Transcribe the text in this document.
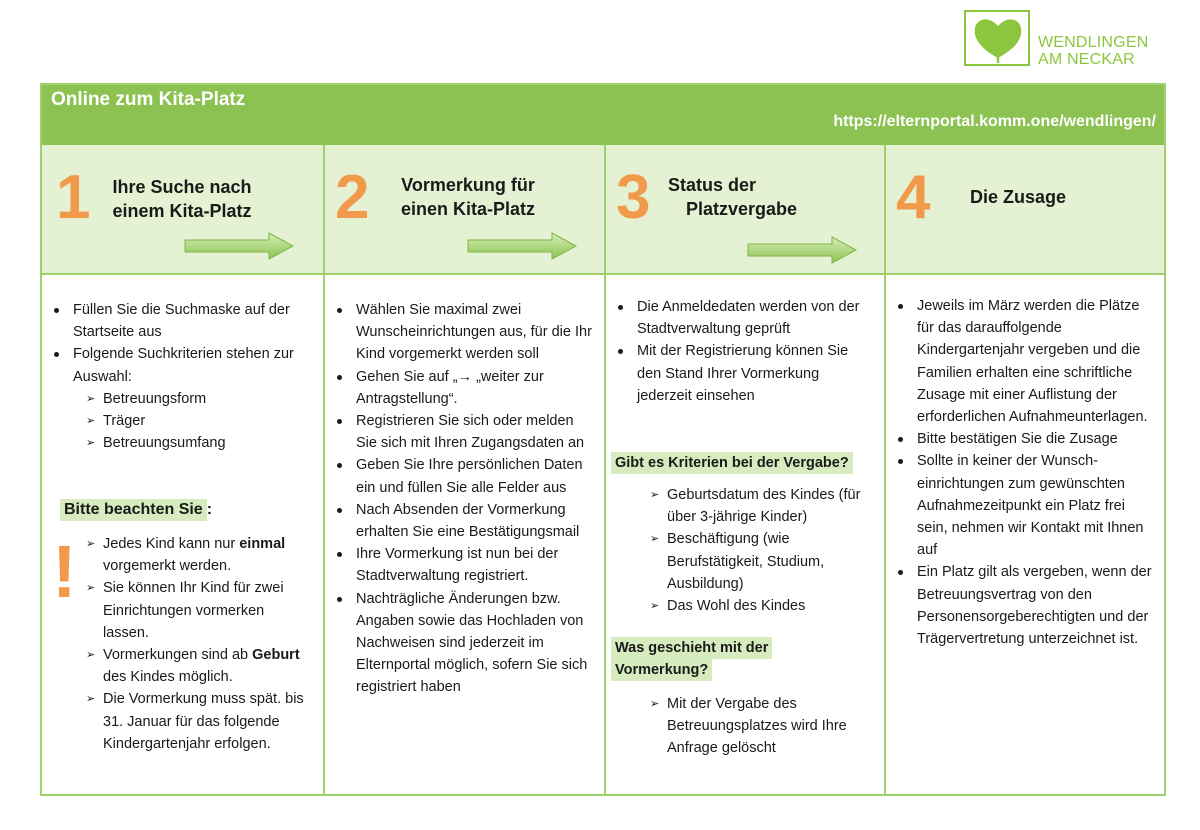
WENDLINGEN
AM NECKAR
Online zum Kita-Platz
https://elternportal.komm.one/wendlingen/
1	Ihre Suche nach
einem Kita-Platz
Füllen Sie die Suchmaske auf der Startseite aus
Folgende Suchkriterien stehen zur Auswahl:
➢ Betreuungsform
➢ Träger
➢ Betreuungsumfang
Bitte beachten Sie :
!
➢	Jedes Kind kann nur einmal vorgemerkt werden.
➢ Sie können Ihr Kind für zwei Einrichtungen vormerken lassen.
➢ Vormerkungen sind ab Geburt des Kindes möglich.
➢ Die Vormerkung muss spät. bis 31. Januar für das folgende Kindergartenjahr erfolgen.
2	Vormerkung für
einen Kita-Platz
Wählen Sie maximal zwei Wunscheinrichtungen aus, für die Ihr Kind vorgemerkt werden soll
Gehen Sie auf „→ „weiter zur Antragstellung“.
Registrieren Sie sich oder melden Sie sich mit Ihren Zugangsdaten an
Geben Sie Ihre persönlichen Daten ein und füllen Sie alle Felder aus
Nach Absenden der Vormerkung erhalten Sie eine Bestätigungsmail
Ihre Vormerkung ist nun bei der Stadtverwaltung registriert.
Nachträgliche Änderungen bzw. Angaben sowie das Hochladen von Nachweisen sind jederzeit im Elternportal möglich, sofern Sie sich registriert haben
3 Status der
Platzvergabe
Die Anmeldedaten werden von der Stadtverwaltung geprüft
Mit der Registrierung können Sie den Stand Ihrer Vormerkung jederzeit einsehen
Gibt es Kriterien bei der Vergabe?
➢ Geburtsdatum des Kindes (für über 3-jährige Kinder)
➢ Beschäftigung (wie Berufstätigkeit, Studium, Ausbildung)
➢ Das Wohl des Kindes
Was geschieht mit der
Vormerkung?
➢ Mit der Vergabe des Betreuungsplatzes wird Ihre Anfrage gelöscht
4 Die Zusage
Jeweils im März werden die Plätze für das darauffolgende Kindergartenjahr vergeben und die Familien erhalten eine schriftliche Zusage mit einer Auflistung der erforderlichen Aufnahmeunterlagen.
Bitte bestätigen Sie die Zusage
Sollte in keiner der Wunsch-einrichtungen zum gewünschten Aufnahmezeitpunkt ein Platz frei sein, nehmen wir Kontakt mit Ihnen auf
Ein Platz gilt als vergeben, wenn der Betreuungsvertrag von den Personensorgeberechtigten und der Trägervertretung unterzeichnet ist.
